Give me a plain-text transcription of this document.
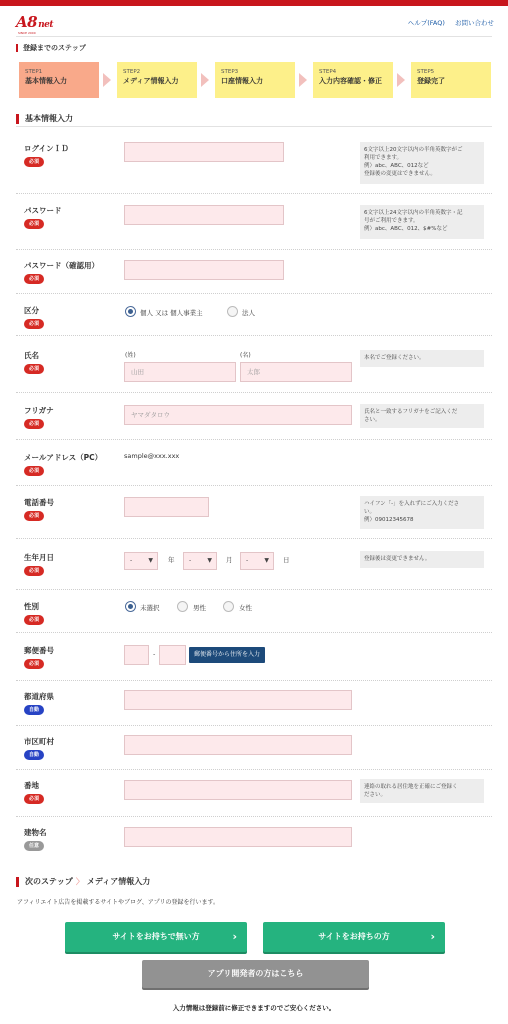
A8net
SINCE 2000
ヘルプ(FAQ) お問い合わせ
登録までのステップ
STEP1
基本情報入力
STEP2
メディア情報入力
STEP3
口座情報入力
STEP4
入力内容確認・修正
STEP5
登録完了
基本情報入力
ログインＩＤ
必須
6文字以上20文字以内の半角英数字がご
利用できます。
例）abc、ABC、012など
登録後の変更はできません。
パスワード
必須
6文字以上24文字以内の半角英数字・記
号がご利用できます。
例）abc、ABC、012、$#%など
パスワード（確認用）
必須
区分
必須
個人 又は 個人事業主	法人
氏名
必須
(姓)	(名)
山田	太郎
本名でご登録ください。
フリガナ
必須
ヤマダタロウ	氏名と一致するフリガナをご記入くだ
さい。
メールアドレス（PC）
必須
sample@xxx.xxx
電話番号
必須
ハイフン「-」を入れずにご入力くださ
い。
例）09012345678
生年月日
必須
-	▼ 年	-	▼ 月	-	▼ 日	登録後は変更できません。
性別
必須
未選択	男性	女性
郵便番号
必須
-	郵便番号から住所を入力
都道府県
自動
市区町村
自動
番地
必須
連絡の取れる居住地を正確にご登録く
ださい。
建物名
任意
次のステップ 〉 メディア情報入力
アフィリエイト広告を掲載するサイトやブログ、アプリの登録を行います。
サイトをお持ちで無い方	›	サイトをお持ちの方	›
アプリ開発者の方はこちら
入力情報は登録前に修正できますのでご安心ください。
